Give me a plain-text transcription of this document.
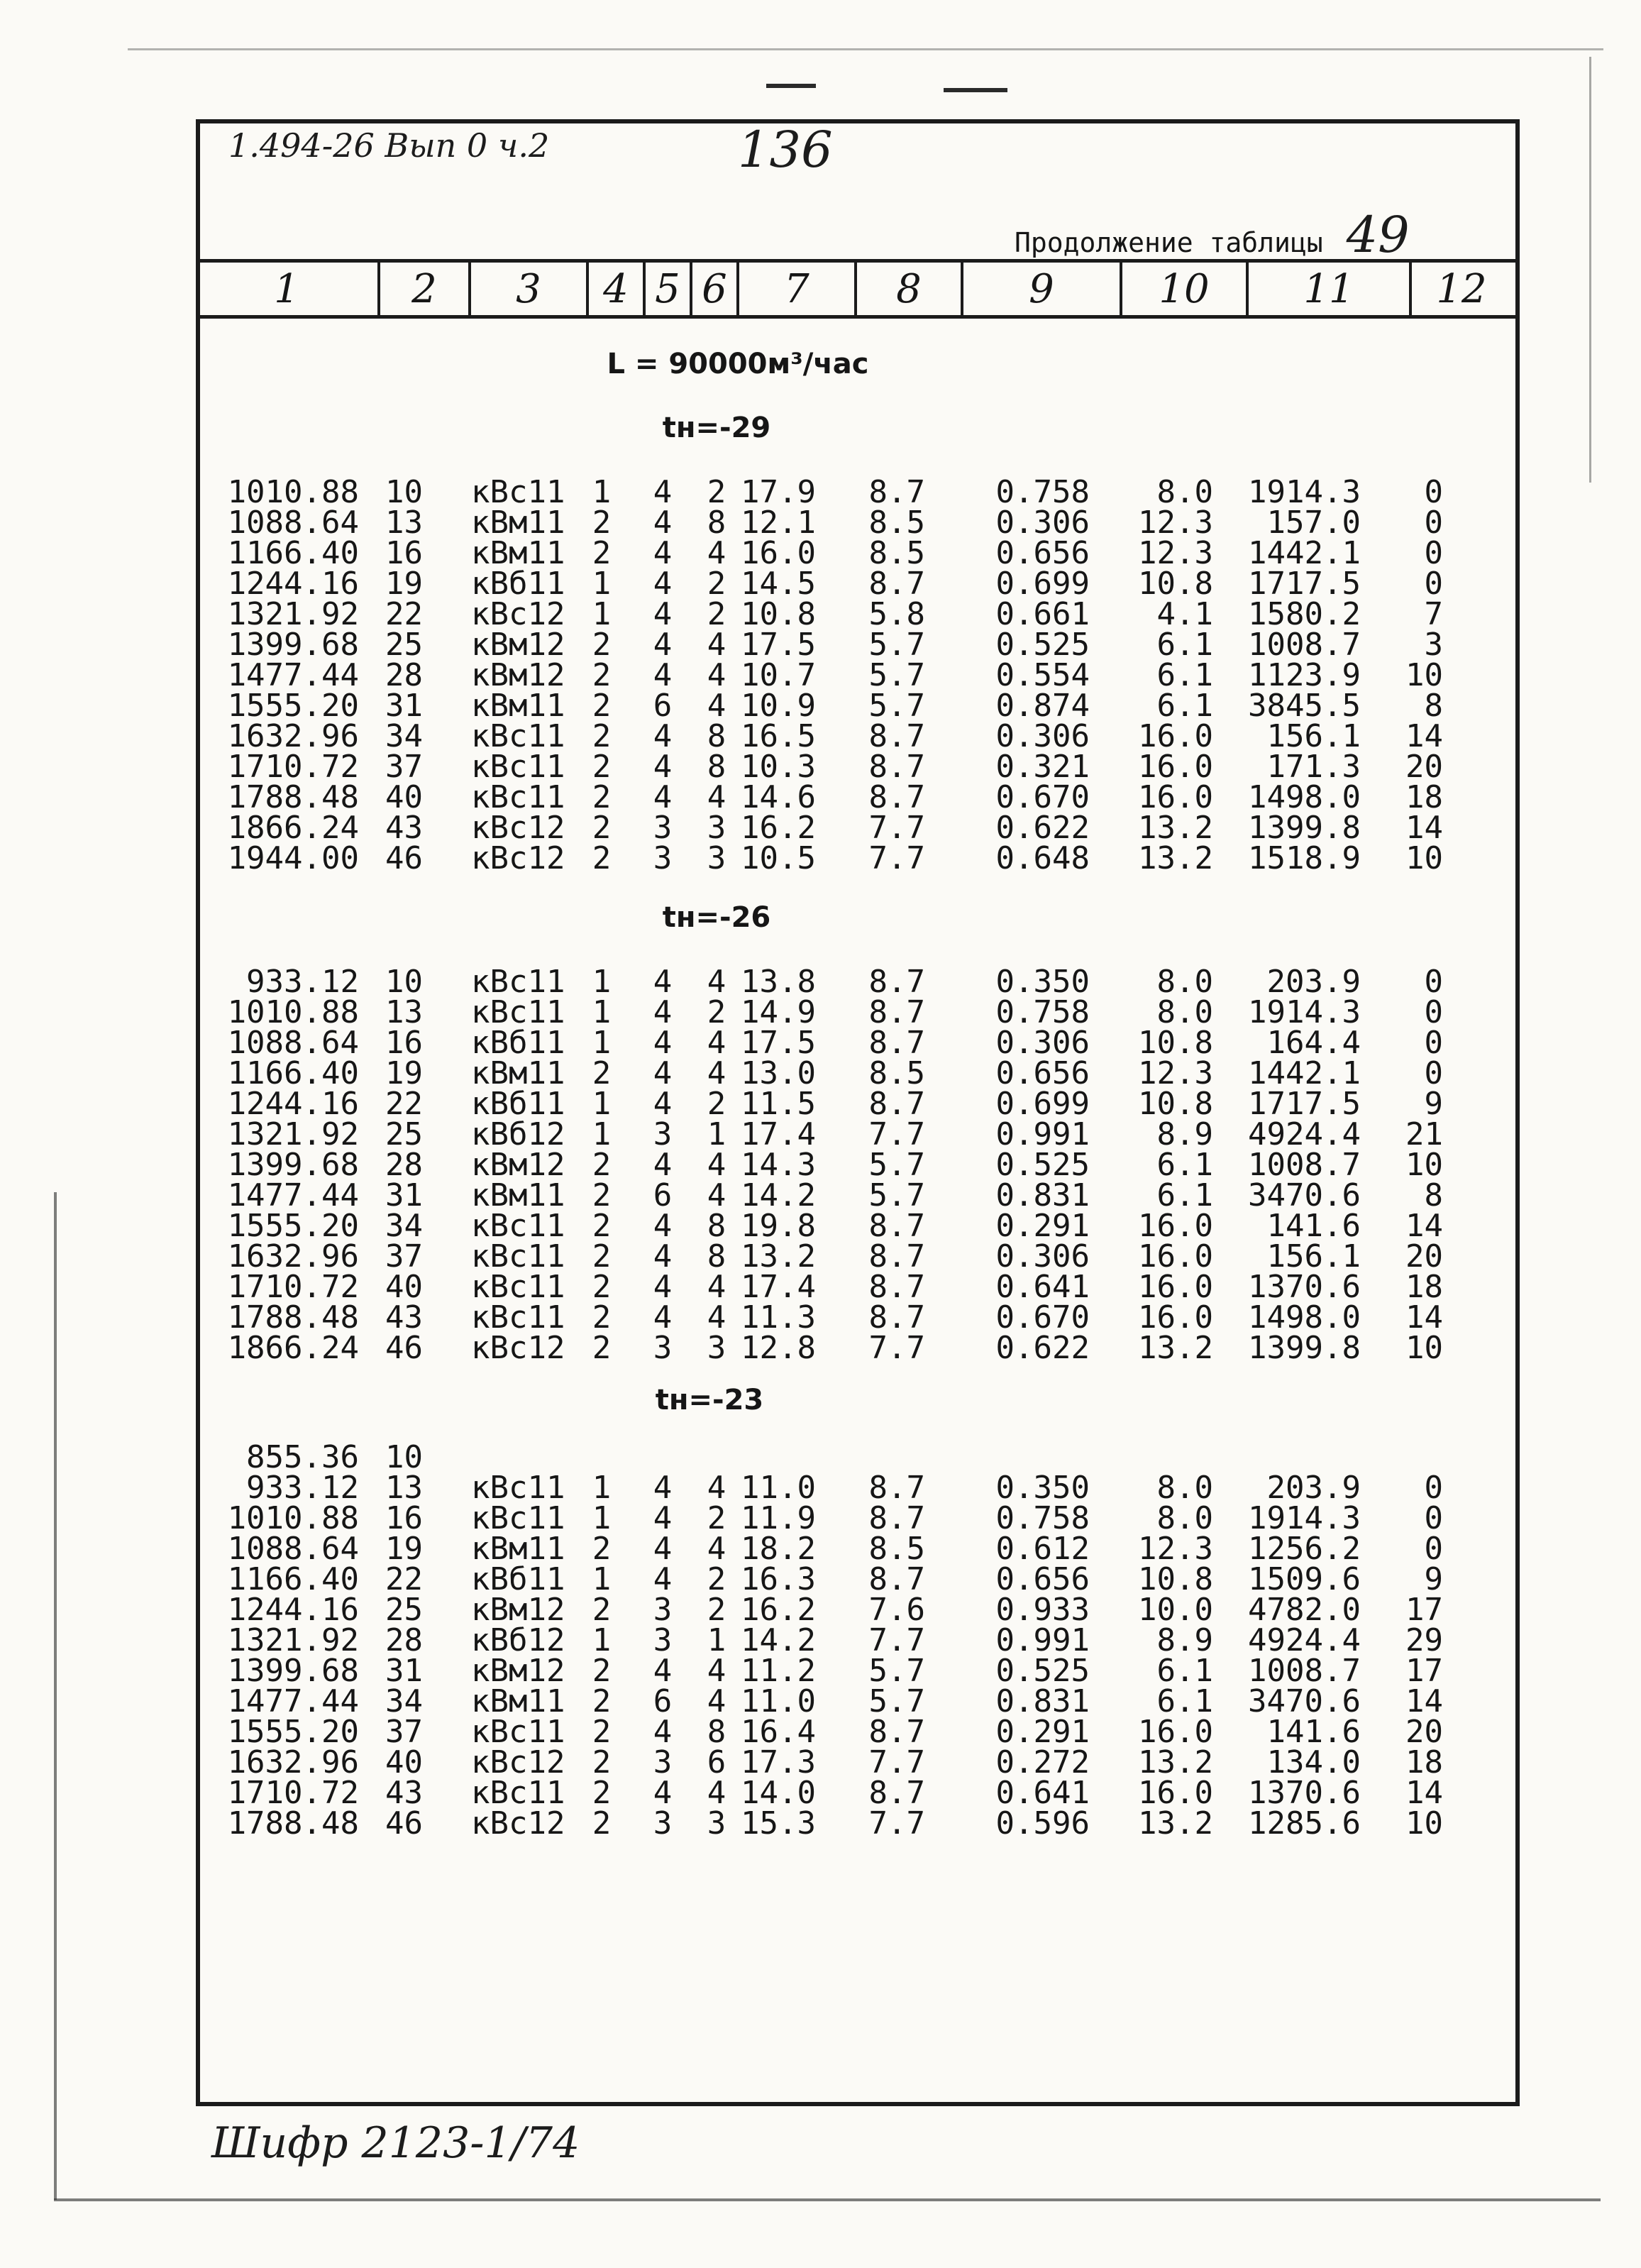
1.494-26 Вып 0 ч.2	136
Продолжение таблицы 49
1	2	3	4 5 6	7	8	9	10	11	12
L = 90000м³/час
tн=-29
tн=-26
tн=-23
1010.88 10 кВс11 1	4	2 17.9 8.7 0.758 8.0 1914.3 0
1088.64 13 кВм11 2	4	8 12.1 8.5 0.306 12.3 157.0 0
1166.40 16 кВм11 2	4	4 16.0 8.5 0.656 12.3 1442.1 0
1244.16 19 кВб11 1	4	2 14.5 8.7 0.699 10.8 1717.5 0
1321.92 22 кВс12 1	4	2 10.8 5.8 0.661 4.1 1580.2 7
1399.68 25 кВм12 2	4	4 17.5 5.7 0.525 6.1 1008.7 3
1477.44 28 кВм12 2	4	4 10.7 5.7 0.554 6.1 1123.9 10
1555.20 31 кВм11 2	6	4 10.9 5.7 0.874 6.1 3845.5 8
1632.96 34 кВс11 2	4	8 16.5 8.7 0.306 16.0 156.1 14
1710.72 37 кВс11 2	4	8 10.3 8.7 0.321 16.0 171.3 20
1788.48 40 кВс11 2	4	4 14.6 8.7 0.670 16.0 1498.0 18
1866.24 43 кВс12 2	3	3 16.2 7.7 0.622 13.2 1399.8 14
1944.00 46 кВс12 2	3	3 10.5 7.7 0.648 13.2 1518.9 10
933.12 10 кВс11 1	4	4 13.8 8.7 0.350 8.0 203.9 0
1010.88 13 кВс11 1	4	2 14.9 8.7 0.758 8.0 1914.3 0
1088.64 16 кВб11 1	4	4 17.5 8.7 0.306 10.8 164.4 0
1166.40 19 кВм11 2	4	4 13.0 8.5 0.656 12.3 1442.1 0
1244.16 22 кВб11 1	4	2 11.5 8.7 0.699 10.8 1717.5 9
1321.92 25 кВб12 1	3	1 17.4 7.7 0.991 8.9 4924.4 21
1399.68 28 кВм12 2	4	4 14.3 5.7 0.525 6.1 1008.7 10
1477.44 31 кВм11 2	6	4 14.2 5.7 0.831 6.1 3470.6 8
1555.20 34 кВс11 2	4	8 19.8 8.7 0.291 16.0 141.6 14
1632.96 37 кВс11 2	4	8 13.2 8.7 0.306 16.0 156.1 20
1710.72 40 кВс11 2	4	4 17.4 8.7 0.641 16.0 1370.6 18
1788.48 43 кВс11 2	4	4 11.3 8.7 0.670 16.0 1498.0 14
1866.24 46 кВс12 2	3	3 12.8 7.7 0.622 13.2 1399.8 10
855.36 10
933.12 13 кВс11 1	4	4 11.0 8.7 0.350 8.0 203.9 0
1010.88 16 кВс11 1	4	2 11.9 8.7 0.758 8.0 1914.3 0
1088.64 19 кВм11 2	4	4 18.2 8.5 0.612 12.3 1256.2 0
1166.40 22 кВб11 1	4	2 16.3 8.7 0.656 10.8 1509.6 9
1244.16 25 кВм12 2	3	2 16.2 7.6 0.933 10.0 4782.0 17
1321.92 28 кВб12 1	3	1 14.2 7.7 0.991 8.9 4924.4 29
1399.68 31 кВм12 2	4	4 11.2 5.7 0.525 6.1 1008.7 17
1477.44 34 кВм11 2	6	4 11.0 5.7 0.831 6.1 3470.6 14
1555.20 37 кВс11 2	4	8 16.4 8.7 0.291 16.0 141.6 20
1632.96 40 кВс12 2	3	6 17.3 7.7 0.272 13.2 134.0 18
1710.72 43 кВс11 2	4	4 14.0 8.7 0.641 16.0 1370.6 14
1788.48 46 кВс12 2	3	3 15.3 7.7 0.596 13.2 1285.6 10
Шифр 2123-1/74
